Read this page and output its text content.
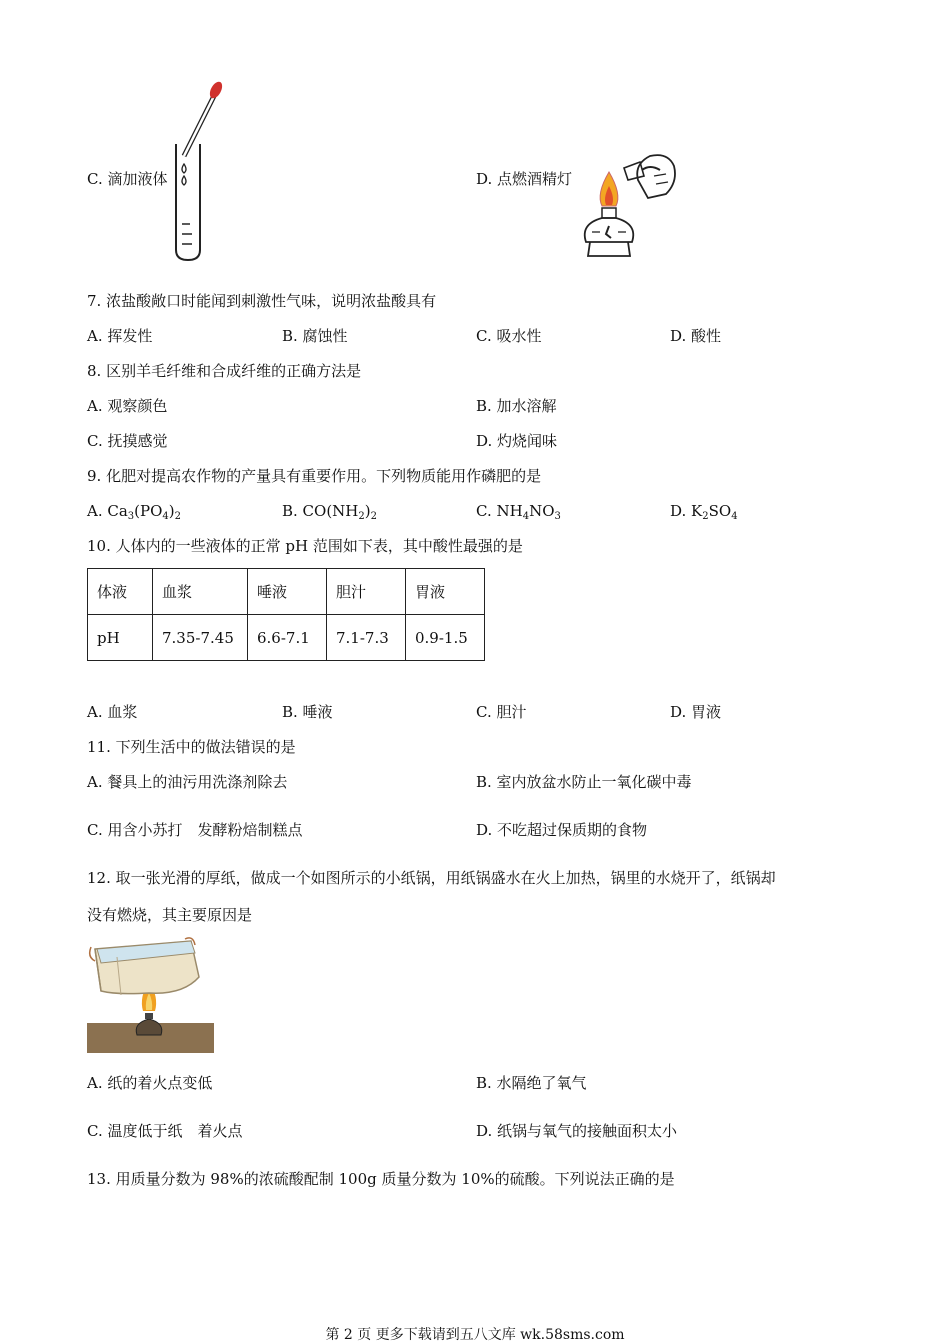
C. 滴加液体	D. 点燃酒精灯
7. 浓盐酸敞口时能闻到刺激性气味，说明浓盐酸具有
A. 挥发性	B. 腐蚀性	C. 吸水性	D. 酸性
8. 区别羊毛纤维和合成纤维的正确方法是
A. 观察颜色	B. 加水溶解
C. 抚摸感觉	D. 灼烧闻味
9. 化肥对提高农作物的产量具有重要作用。下列物质能用作磷肥的是
A. $Ca_3(PO_4)_2$	B. $CO(NH_2)_2$	C. $NH_4NO_3$	D. $K_2SO_4$
10. 人体内的一些液体的正常 pH 范围如下表，其中酸性最强的是
体液	血浆	唾液	胆汁	胃液
pH	7.35-7.45	6.6-7.1	7.1-7.3	0.9-1.5
A. 血浆	B. 唾液	C. 胆汁	D. 胃液
11. 下列生活中的做法错误的是
A. 餐具上的油污用洗涤剂除去	B. 室内放盆水防止一氧化碳中毒
C. 用含小苏打　发酵粉焙制糕点	D. 不吃超过保质期的食物
12. 取一张光滑的厚纸，做成一个如图所示的小纸锅，用纸锅盛水在火上加热，锅里的水烧开了，纸锅却
没有燃烧，其主要原因是
A. 纸的着火点变低	B. 水隔绝了氧气
C. 温度低于纸　着火点	D. 纸锅与氧气的接触面积太小
13. 用质量分数为 98%的浓硫酸配制 100g 质量分数为 10%的硫酸。下列说法正确的是
第 2 页 更多下载请到五八文库 wk.58sms.com
